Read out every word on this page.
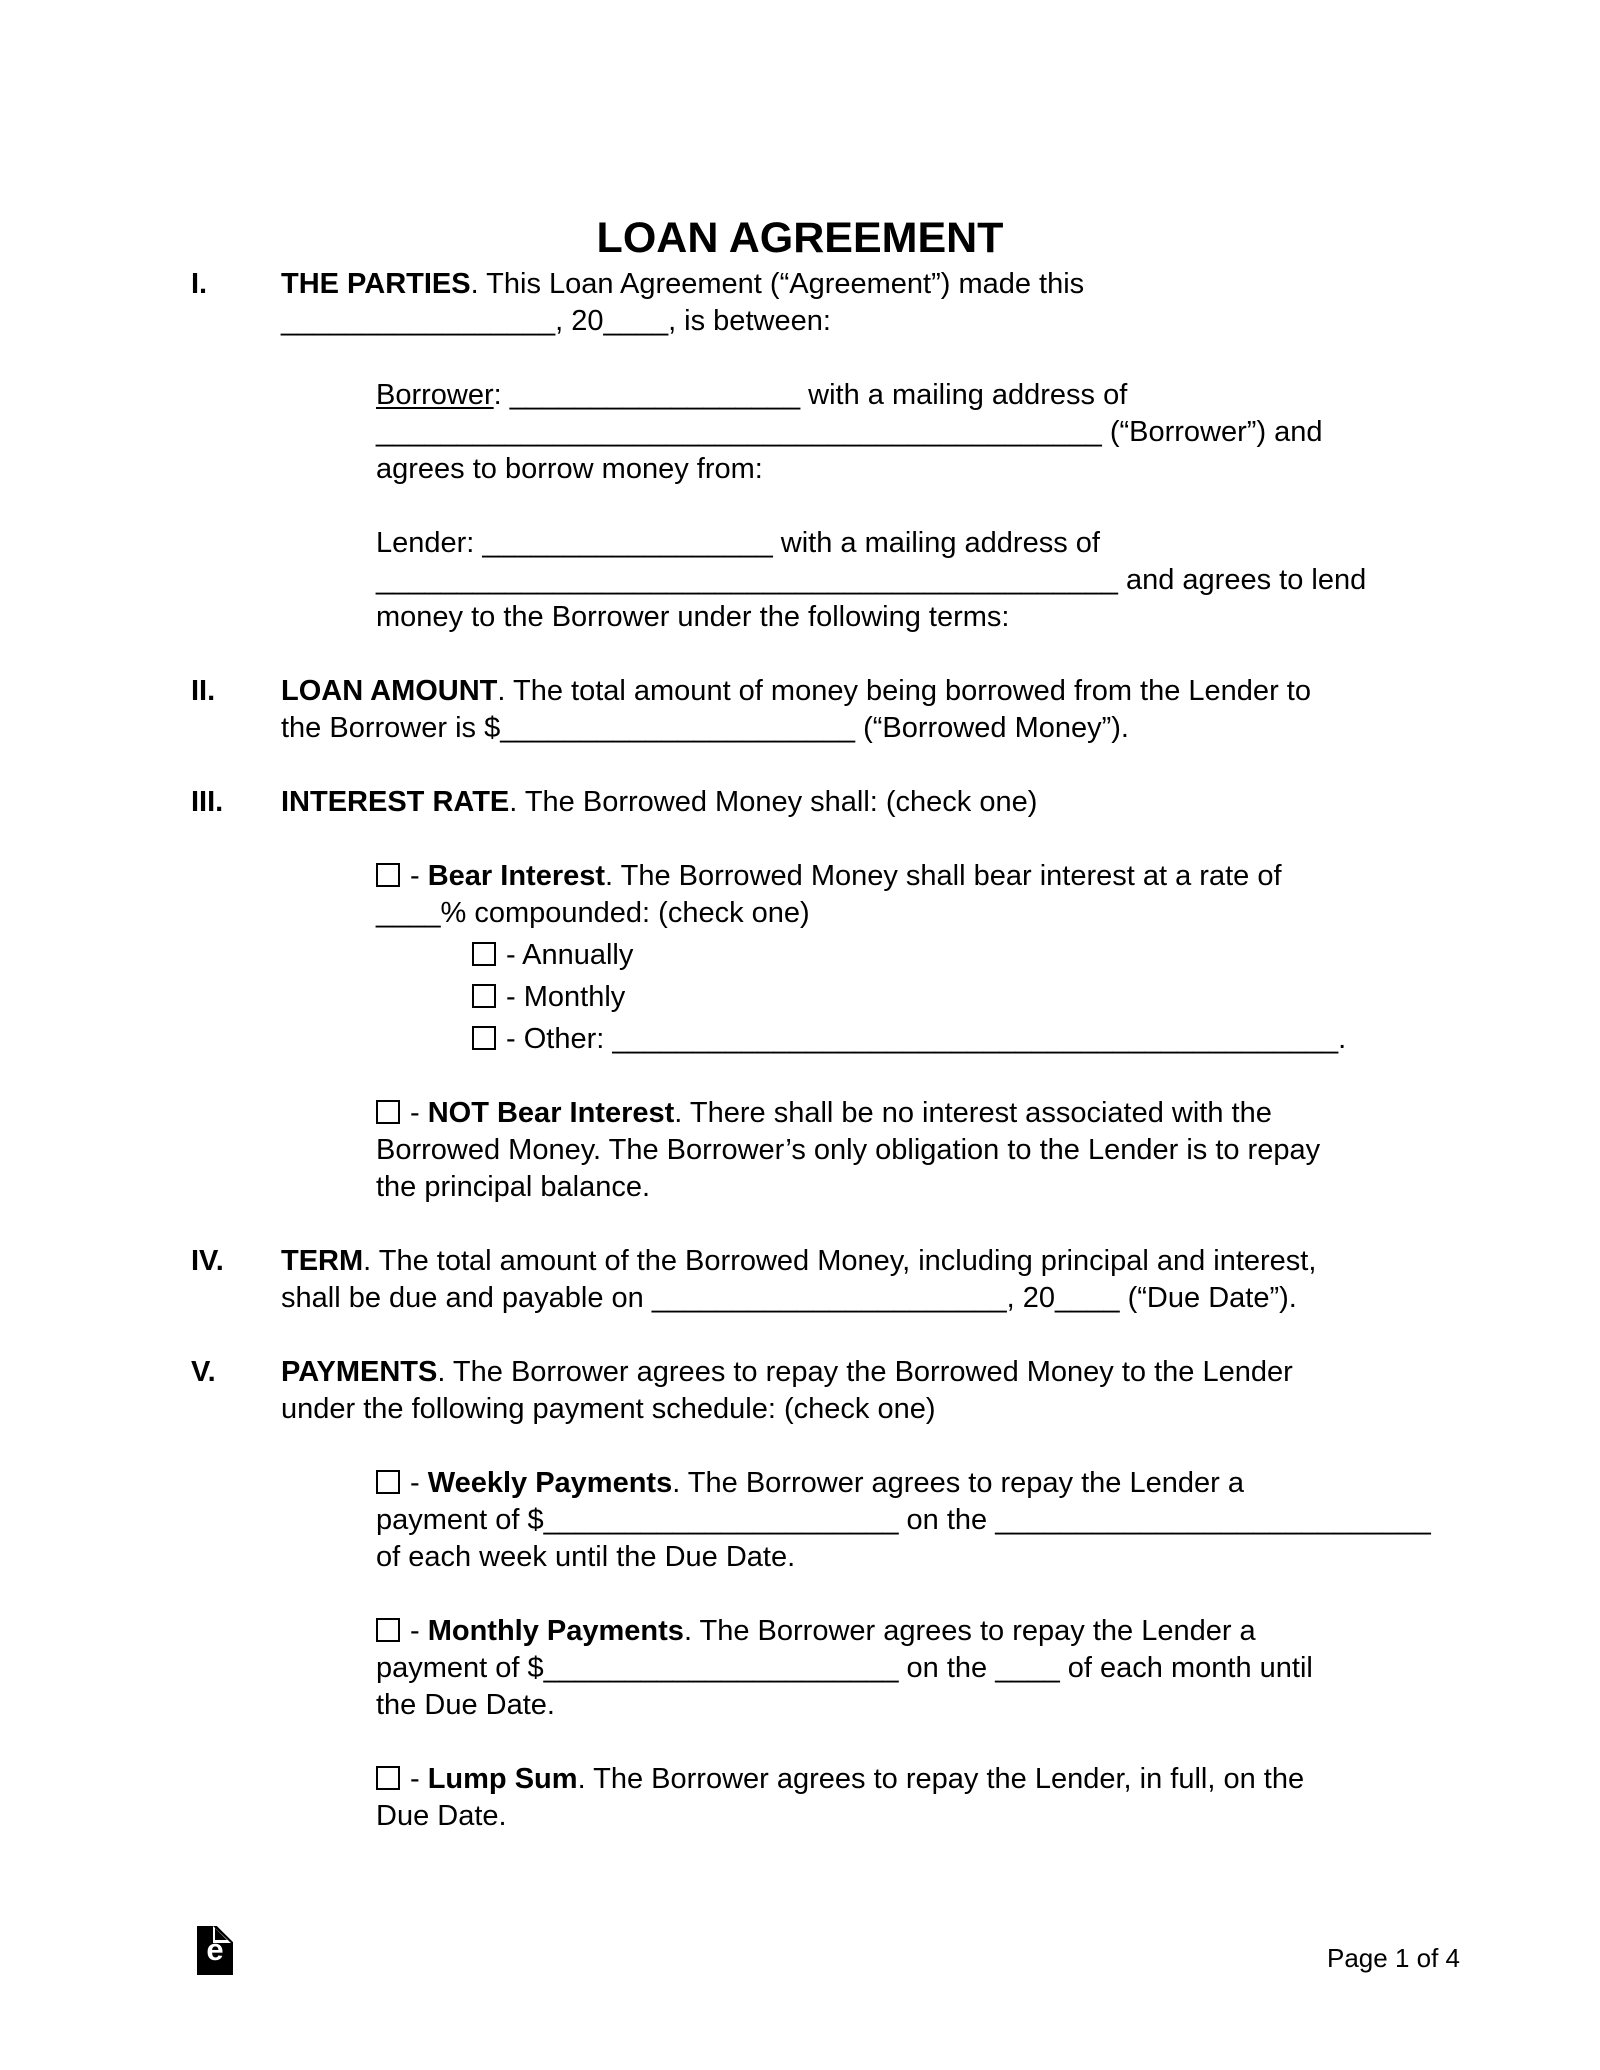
LOAN AGREEMENT

I.	THE PARTIES. This Loan Agreement (“Agreement”) made this
_________________, 20____, is between:

Borrower: __________________ with a mailing address of
_____________________________________________ (“Borrower”) and
agrees to borrow money from:

Lender: __________________ with a mailing address of
______________________________________________ and agrees to lend
money to the Borrower under the following terms:

II. LOAN AMOUNT. The total amount of money being borrowed from the Lender to
the Borrower is $______________________ (“Borrowed Money”).

III. INTEREST RATE. The Borrowed Money shall: (check one)

- Bear Interest. The Borrowed Money shall bear interest at a rate of
____% compounded: (check one)

- Annually

- Monthly

- Other: _____________________________________________.

- NOT Bear Interest. There shall be no interest associated with the
Borrowed Money. The Borrower’s only obligation to the Lender is to repay
the principal balance.

IV. TERM. The total amount of the Borrowed Money, including principal and interest,
shall be due and payable on ______________________, 20____ (“Due Date”).

V. PAYMENTS. The Borrower agrees to repay the Borrowed Money to the Lender
under the following payment schedule: (check one)

- Weekly Payments. The Borrower agrees to repay the Lender a
payment of $______________________ on the ___________________________
of each week until the Due Date.

- Monthly Payments. The Borrower agrees to repay the Lender a
payment of $______________________ on the ____ of each month until
the Due Date.

- Lump Sum. The Borrower agrees to repay the Lender, in full, on the
Due Date.

e	Page 1 of 4
